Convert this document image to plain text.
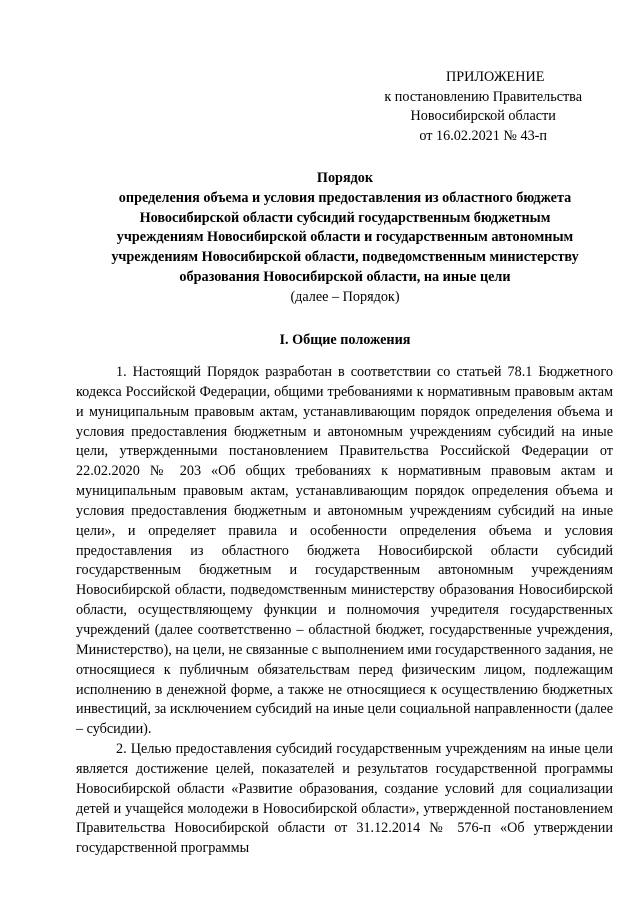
ПРИЛОЖЕНИЕ
к постановлению Правительства
Новосибирской области
от 16.02.2021 № 43-п
Порядок
определения объема и условия предоставления из областного бюджета
Новосибирской области субсидий государственным бюджетным
учреждениям Новосибирской области и государственным автономным
учреждениям Новосибирской области, подведомственным министерству
образования Новосибирской области, на иные цели
(далее – Порядок)
I. Общие положения

1. Настоящий Порядок разработан в соответствии со статьей 78.1 Бюджетного кодекса Российской Федерации, общими требованиями к нормативным правовым актам и муниципальным правовым актам, устанавливающим порядок определения объема и условия предоставления бюджетным и автономным учреждениям субсидий на иные цели, утвержденными постановлением Правительства Российской Федерации от 22.02.2020 № 203 «Об общих требованиях к нормативным правовым актам и муниципальным правовым актам, устанавливающим порядок определения объема и условия предоставления бюджетным и автономным учреждениям субсидий на иные цели», и определяет правила и особенности определения объема и условия предоставления из областного бюджета Новосибирской области субсидий государственным бюджетным и государственным автономным учреждениям Новосибирской области, подведомственным министерству образования Новосибирской области, осуществляющему функции и полномочия учредителя государственных учреждений (далее соответственно – областной бюджет, государственные учреждения, Министерство), на цели, не связанные с выполнением ими государственного задания, не относящиеся к публичным обязательствам перед физическим лицом, подлежащим исполнению в денежной форме, а также не относящиеся к осуществлению бюджетных инвестиций, за исключением субсидий на иные цели социальной направленности (далее – субсидии).

2. Целью предоставления субсидий государственным учреждениям на иные цели является достижение целей, показателей и результатов государственной программы Новосибирской области «Развитие образования, создание условий для социализации детей и учащейся молодежи в Новосибирской области», утвержденной постановлением Правительства Новосибирской области от 31.12.2014 № 576-п «Об утверждении государственной программы
